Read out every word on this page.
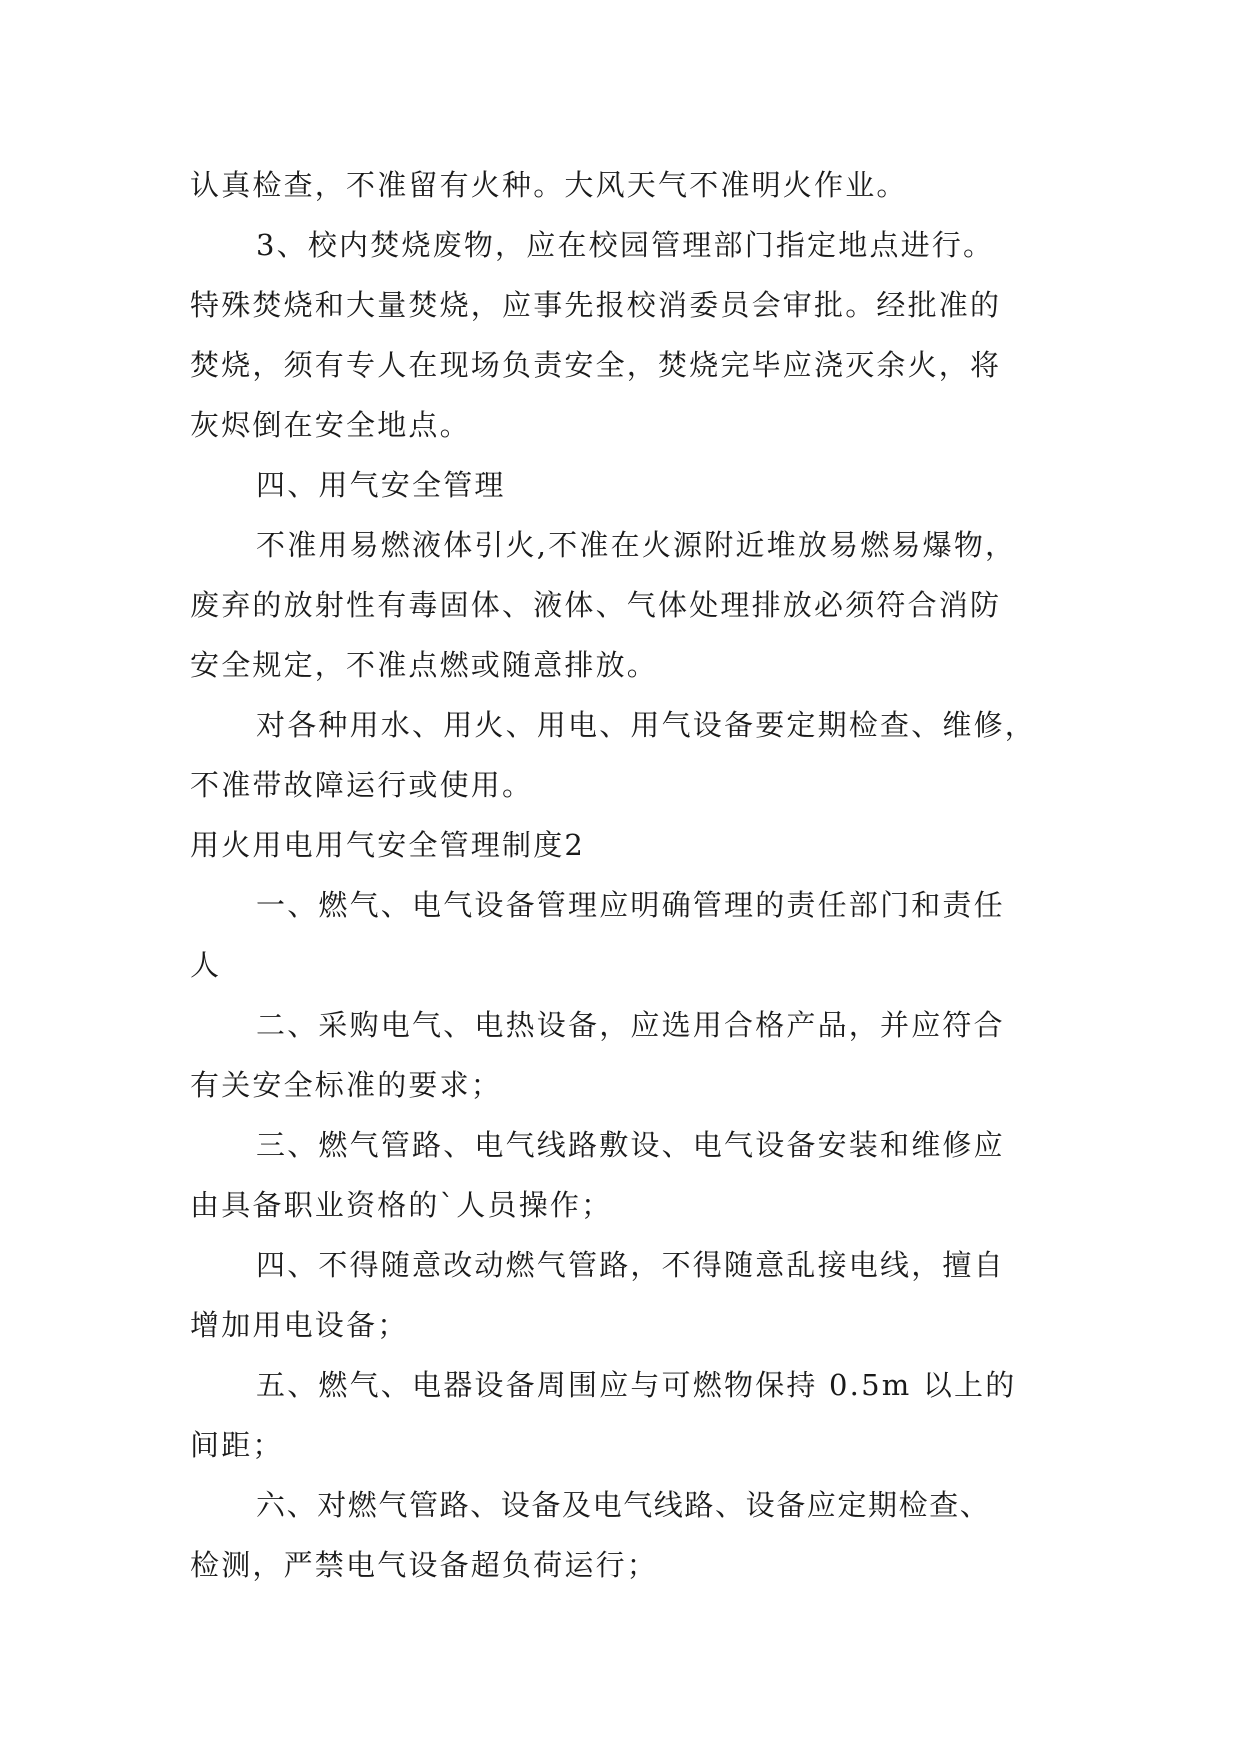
认真检查，不准留有火种。大风天气不准明火作业。
3、校内焚烧废物，应在校园管理部门指定地点进行。
特殊焚烧和大量焚烧，应事先报校消委员会审批。经批准的
焚烧，须有专人在现场负责安全，焚烧完毕应浇灭余火，将
灰烬倒在安全地点。
四、用气安全管理
不准用易燃液体引火,不准在火源附近堆放易燃易爆物，
废弃的放射性有毒固体、液体、气体处理排放必须符合消防
安全规定，不准点燃或随意排放。
对各种用水、用火、用电、用气设备要定期检查、维修，
不准带故障运行或使用。
用火用电用气安全管理制度2
一、燃气、电气设备管理应明确管理的责任部门和责任
人
二、采购电气、电热设备，应选用合格产品，并应符合
有关安全标准的要求；
三、燃气管路、电气线路敷设、电气设备安装和维修应
由具备职业资格的`人员操作；
四、不得随意改动燃气管路，不得随意乱接电线，擅自
增加用电设备；
五、燃气、电器设备周围应与可燃物保持 0.5m 以上的
间距；
六、对燃气管路、设备及电气线路、设备应定期检查、
检测，严禁电气设备超负荷运行；
